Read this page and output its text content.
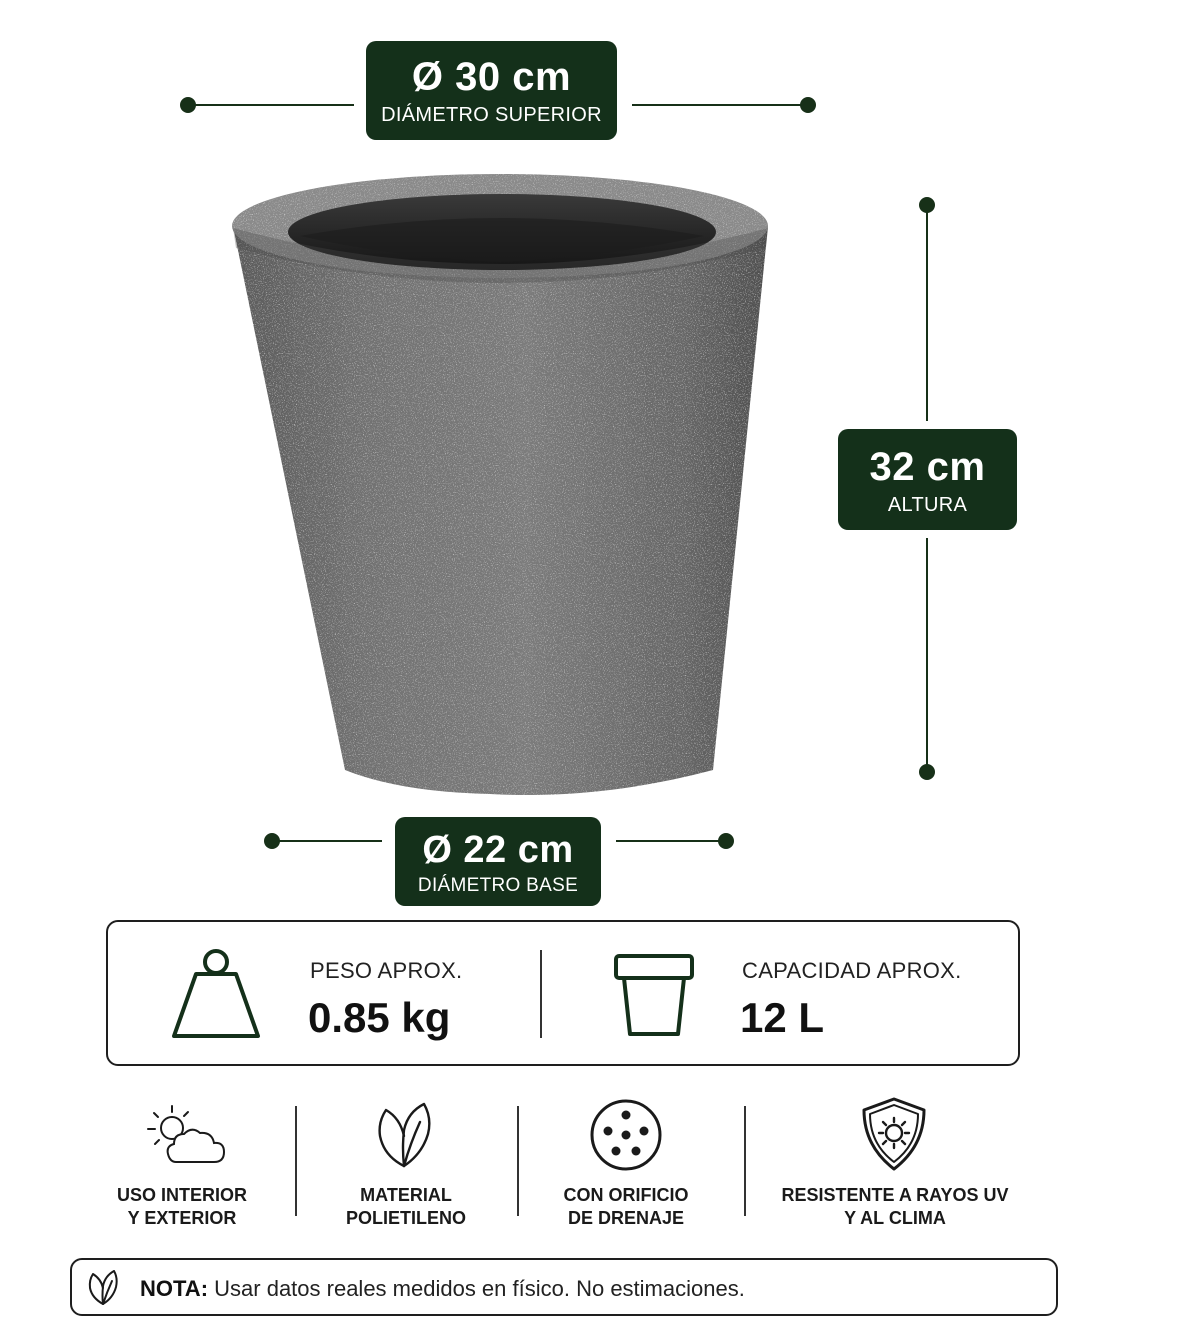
Ø 30 cm
DIÁMETRO SUPERIOR
32 cm
ALTURA
Ø 22 cm
DIÁMETRO BASE
PESO APROX.
0.85 kg
CAPACIDAD APROX.
12 L
USO INTERIOR
Y EXTERIOR
MATERIAL
POLIETILENO
CON ORIFICIO
DE DRENAJE
RESISTENTE A RAYOS UV
Y AL CLIMA
NOTA: Usar datos reales medidos en físico. No estimaciones.
